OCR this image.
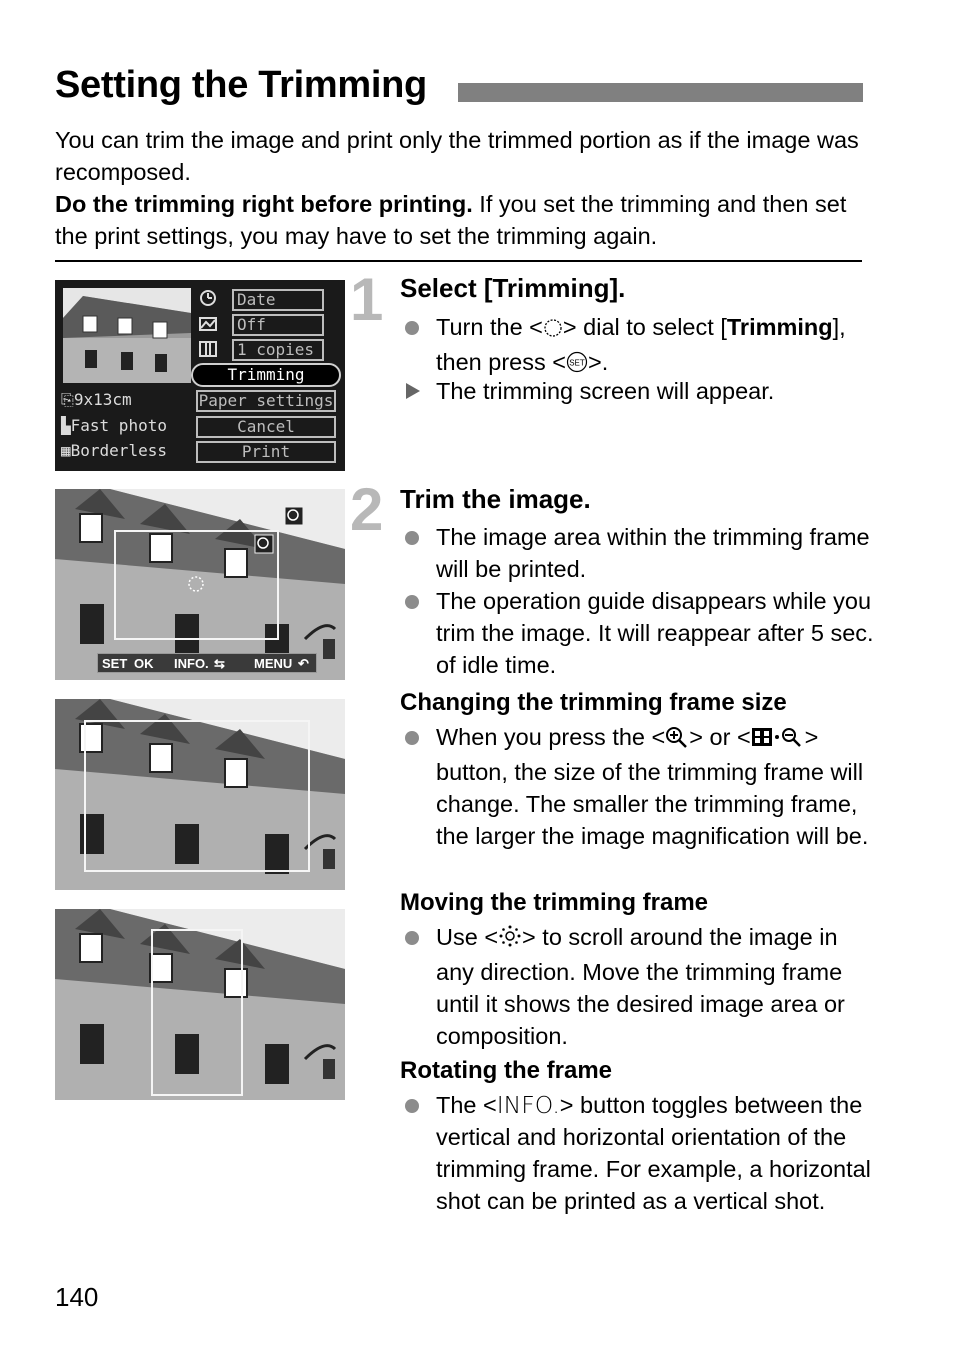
Setting the Trimming

You can trim the image and print only the trimmed portion as if the image was recomposed.

Do the trimming right before printing. If you set the trimming and then set the print settings, you may have to set the trimming again.

Date
Off
1 copies
Trimming
⎘9x13cm
▙Fast photo
▦Borderless
Paper settings
Cancel
Print
1 Select [Trimming].
Turn the < > dial to select [Trimming], then press < SET >.
The trimming screen will appear.
SET OK INFO. ⇆ MENU ↶
2 Trim the image.
The image area within the trimming frame will be printed.
The operation guide disappears while you trim the image. It will reappear after 5 sec. of idle time.
Changing the trimming frame size
When you press the < > or < > button, the size of the trimming frame will change. The smaller the trimming frame, the larger the image magnification will be.
Moving the trimming frame
Use < > to scroll around the image in any direction. Move the trimming frame until it shows the desired image area or composition.
Rotating the frame
The <INFO.> button toggles between the vertical and horizontal orientation of the trimming frame. For example, a horizontal shot can be printed as a vertical shot.
140
